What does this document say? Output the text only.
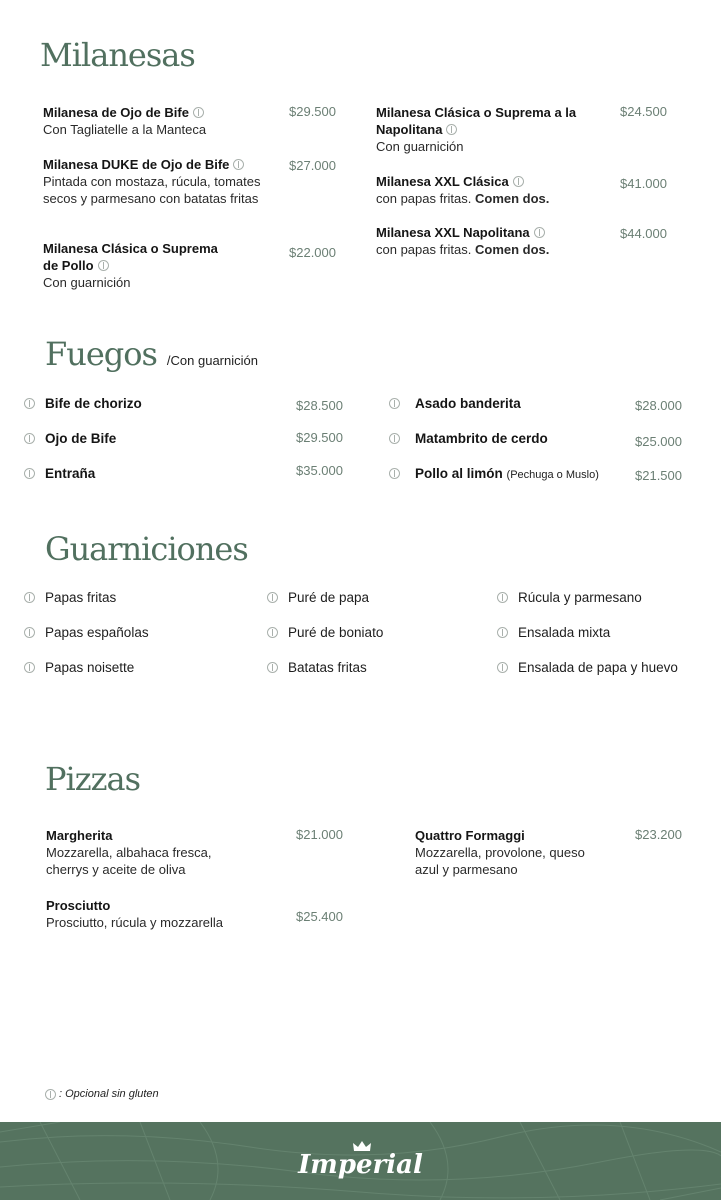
Milanesas
Milanesa de Ojo de Bife
Con Tagliatelle a la Manteca
$29.500
Milanesa DUKE de Ojo de Bife
Pintada con mostaza, rúcula, tomates secos y parmesano con batatas fritas
$27.000
Milanesa Clásica o Suprema
de Pollo
Con guarnición
$22.000
Milanesa Clásica o Suprema a la
Napolitana
Con guarnición
$24.500
Milanesa XXL Clásica
con papas fritas. Comen dos.
$41.000
Milanesa XXL Napolitana
con papas fritas. Comen dos.
$44.000
Fuegos /Con guarnición
Bife de chorizo	$28.500
Ojo de Bife	$29.500
Entraña	$35.000
Asado banderita	$28.000
Matambrito de cerdo	$25.000
Pollo al limón (Pechuga o Muslo)	$21.500
Guarniciones
Papas fritas
Papas españolas
Papas noisette
Puré de papa
Puré de boniato
Batatas fritas
Rúcula y parmesano
Ensalada mixta
Ensalada de papa y huevo
Pizzas
Margherita
Mozzarella, albahaca fresca,
cherrys y aceite de oliva
$21.000
Prosciutto
Prosciutto, rúcula y mozzarella	$25.400
Quattro Formaggi
Mozzarella, provolone, queso
azul y parmesano
$23.200
: Opcional sin gluten
Imperial
